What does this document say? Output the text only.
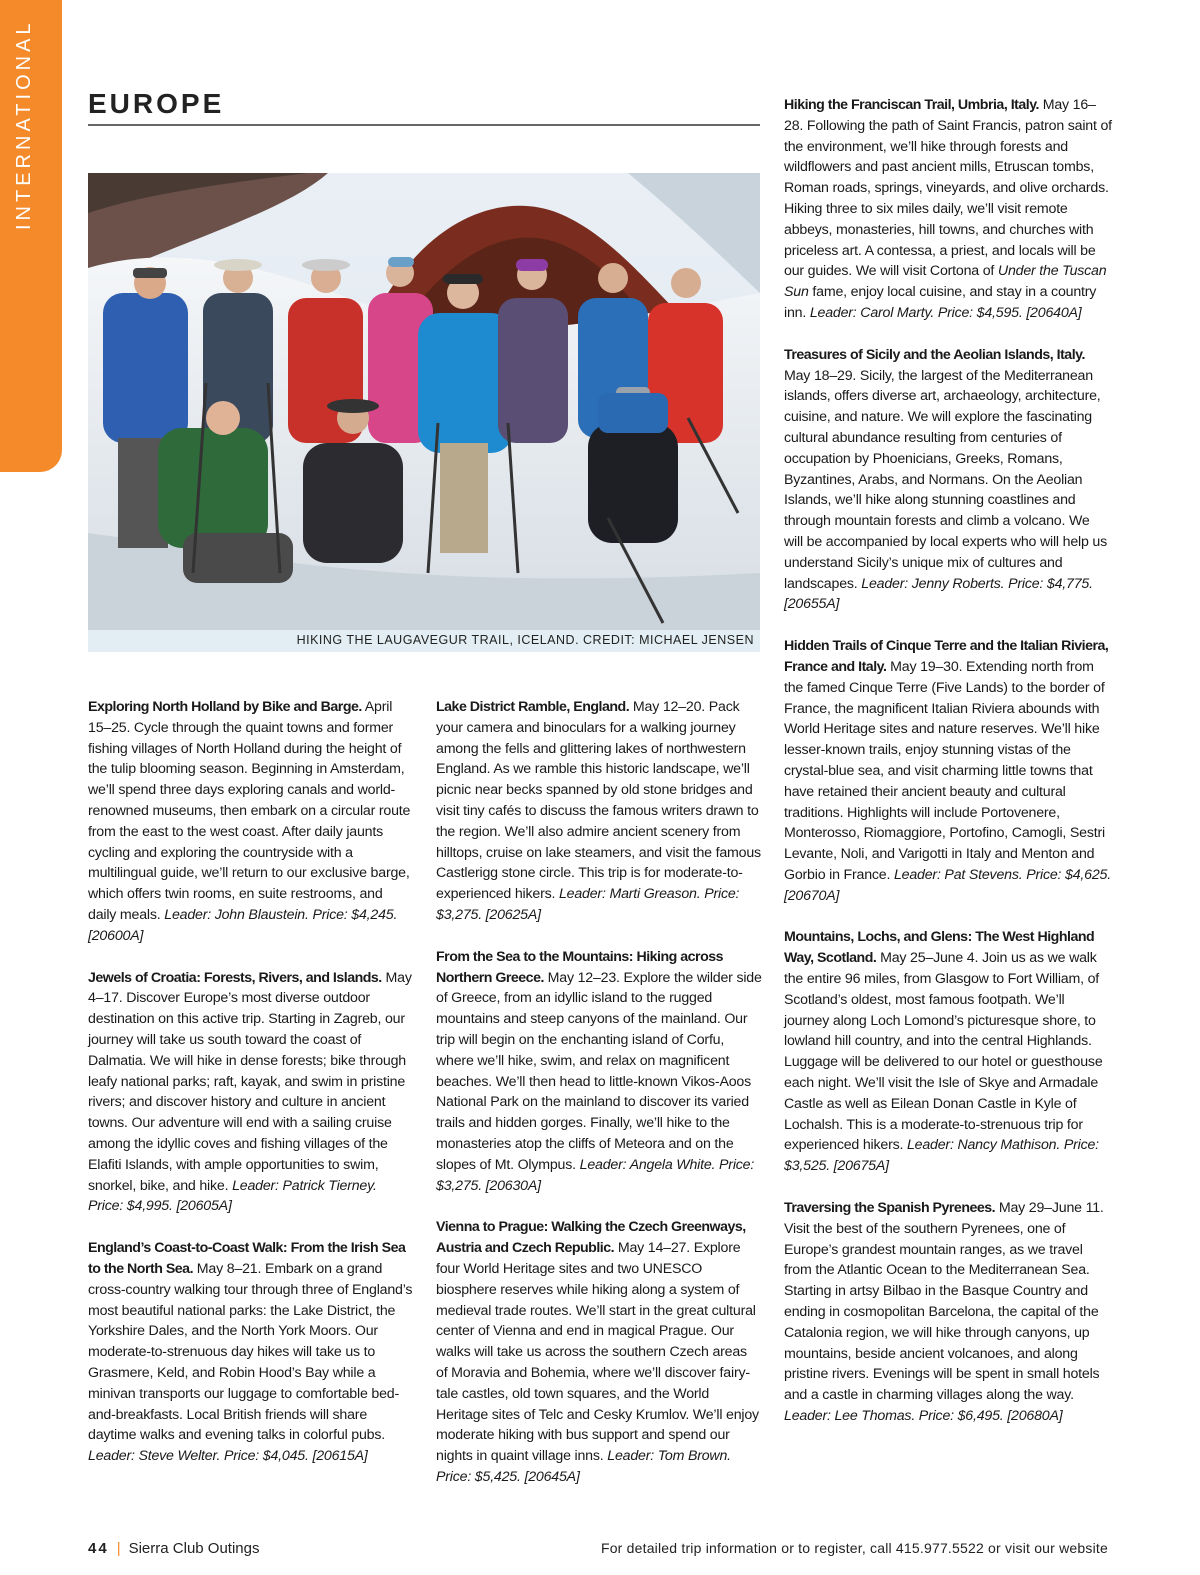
INTERNATIONAL EUROPE
HIKING THE LAUGAVEGUR TRAIL, ICELAND. CREDIT: MICHAEL JENSEN

Exploring North Holland by Bike and Barge. April 15–25. Cycle through the quaint towns and former fishing villages of North Holland during the height of the tulip blooming season. Beginning in Amsterdam, we’ll spend three days exploring canals and world-renowned museums, then embark on a circular route from the east to the west coast. After daily jaunts cycling and exploring the countryside with a multilingual guide, we’ll return to our exclusive barge, which offers twin rooms, en suite restrooms, and daily meals. Leader: John Blaustein. Price: $4,245. [20600A]

Jewels of Croatia: Forests, Rivers, and Islands. May 4–17. Discover Europe’s most diverse outdoor destination on this active trip. Starting in Zagreb, our journey will take us south toward the coast of Dalmatia. We will hike in dense forests; bike through leafy national parks; raft, kayak, and swim in pristine rivers; and discover history and culture in ancient towns. Our adventure will end with a sailing cruise among the idyllic coves and fishing villages of the Elafiti Islands, with ample opportunities to swim, snorkel, bike, and hike. Leader: Patrick Tierney. Price: $4,995. [20605A]

England’s Coast-to-Coast Walk: From the Irish Sea to the North Sea. May 8–21. Embark on a grand cross-country walking tour through three of England’s most beautiful national parks: the Lake District, the Yorkshire Dales, and the North York Moors. Our moderate-to-strenuous day hikes will take us to Grasmere, Keld, and Robin Hood’s Bay while a minivan transports our luggage to comfortable bed-and-breakfasts. Local British friends will share daytime walks and evening talks in colorful pubs. Leader: Steve Welter. Price: $4,045. [20615A]

Lake District Ramble, England. May 12–20. Pack your camera and binoculars for a walking journey among the fells and glittering lakes of northwestern England. As we ramble this historic landscape, we’ll picnic near becks spanned by old stone bridges and visit tiny cafés to discuss the famous writers drawn to the region. We’ll also admire ancient scenery from hilltops, cruise on lake steamers, and visit the famous Castlerigg stone circle. This trip is for moderate-to-experienced hikers. Leader: Marti Greason. Price: $3,275. [20625A]

From the Sea to the Mountains: Hiking across Northern Greece. May 12–23. Explore the wilder side of Greece, from an idyllic island to the rugged mountains and steep canyons of the mainland. Our trip will begin on the enchanting island of Corfu, where we’ll hike, swim, and relax on magnificent beaches. We’ll then head to little-known Vikos-Aoos National Park on the mainland to discover its varied trails and hidden gorges. Finally, we’ll hike to the monasteries atop the cliffs of Meteora and on the slopes of Mt. Olympus. Leader: Angela White. Price: $3,275. [20630A]

Vienna to Prague: Walking the Czech Greenways, Austria and Czech Republic. May 14–27. Explore four World Heritage sites and two UNESCO biosphere reserves while hiking along a system of medieval trade routes. We’ll start in the great cultural center of Vienna and end in magical Prague. Our walks will take us across the southern Czech areas of Moravia and Bohemia, where we’ll discover fairy-tale castles, old town squares, and the World Heritage sites of Telc and Cesky Krumlov. We’ll enjoy moderate hiking with bus support and spend our nights in quaint village inns. Leader: Tom Brown. Price: $5,425. [20645A]

Hiking the Franciscan Trail, Umbria, Italy. May 16–28. Following the path of Saint Francis, patron saint of the environment, we’ll hike through forests and wildflowers and past ancient mills, Etruscan tombs, Roman roads, springs, vineyards, and olive orchards. Hiking three to six miles daily, we’ll visit remote abbeys, monasteries, hill towns, and churches with priceless art. A contessa, a priest, and locals will be our guides. We will visit Cortona of Under the Tuscan Sun fame, enjoy local cuisine, and stay in a country inn. Leader: Carol Marty. Price: $4,595. [20640A]

Treasures of Sicily and the Aeolian Islands, Italy. May 18–29. Sicily, the largest of the Mediterranean islands, offers diverse art, archaeology, architecture, cuisine, and nature. We will explore the fascinating cultural abundance resulting from centuries of occupation by Phoenicians, Greeks, Romans, Byzantines, Arabs, and Normans. On the Aeolian Islands, we’ll hike along stunning coastlines and through mountain forests and climb a volcano. We will be accompanied by local experts who will help us understand Sicily’s unique mix of cultures and landscapes. Leader: Jenny Roberts. Price: $4,775. [20655A]

Hidden Trails of Cinque Terre and the Italian Riviera, France and Italy. May 19–30. Extending north from the famed Cinque Terre (Five Lands) to the border of France, the magnificent Italian Riviera abounds with World Heritage sites and nature reserves. We’ll hike lesser-known trails, enjoy stunning vistas of the crystal-blue sea, and visit charming little towns that have retained their ancient beauty and cultural traditions. Highlights will include Portovenere, Monterosso, Riomaggiore, Portofino, Camogli, Sestri Levante, Noli, and Varigotti in Italy and Menton and Gorbio in France. Leader: Pat Stevens. Price: $4,625. [20670A]

Mountains, Lochs, and Glens: The West Highland Way, Scotland. May 25–June 4. Join us as we walk the entire 96 miles, from Glasgow to Fort William, of Scotland’s oldest, most famous footpath. We’ll journey along Loch Lomond’s picturesque shore, to lowland hill country, and into the central Highlands. Luggage will be delivered to our hotel or guesthouse each night. We’ll visit the Isle of Skye and Armadale Castle as well as Eilean Donan Castle in Kyle of Lochalsh. This is a moderate-to-strenuous trip for experienced hikers. Leader: Nancy Mathison. Price: $3,525. [20675A]

Traversing the Spanish Pyrenees. May 29–June 11. Visit the best of the southern Pyrenees, one of Europe’s grandest mountain ranges, as we travel from the Atlantic Ocean to the Mediterranean Sea. Starting in artsy Bilbao in the Basque Country and ending in cosmopolitan Barcelona, the capital of the Catalonia region, we will hike through canyons, up mountains, beside ancient volcanoes, and along pristine rivers. Evenings will be spent in small hotels and a castle in charming villages along the way. Leader: Lee Thomas. Price: $6,495. [20680A]

44 | Sierra Club Outings	For detailed trip information or to register, call 415.977.5522 or visit our website
